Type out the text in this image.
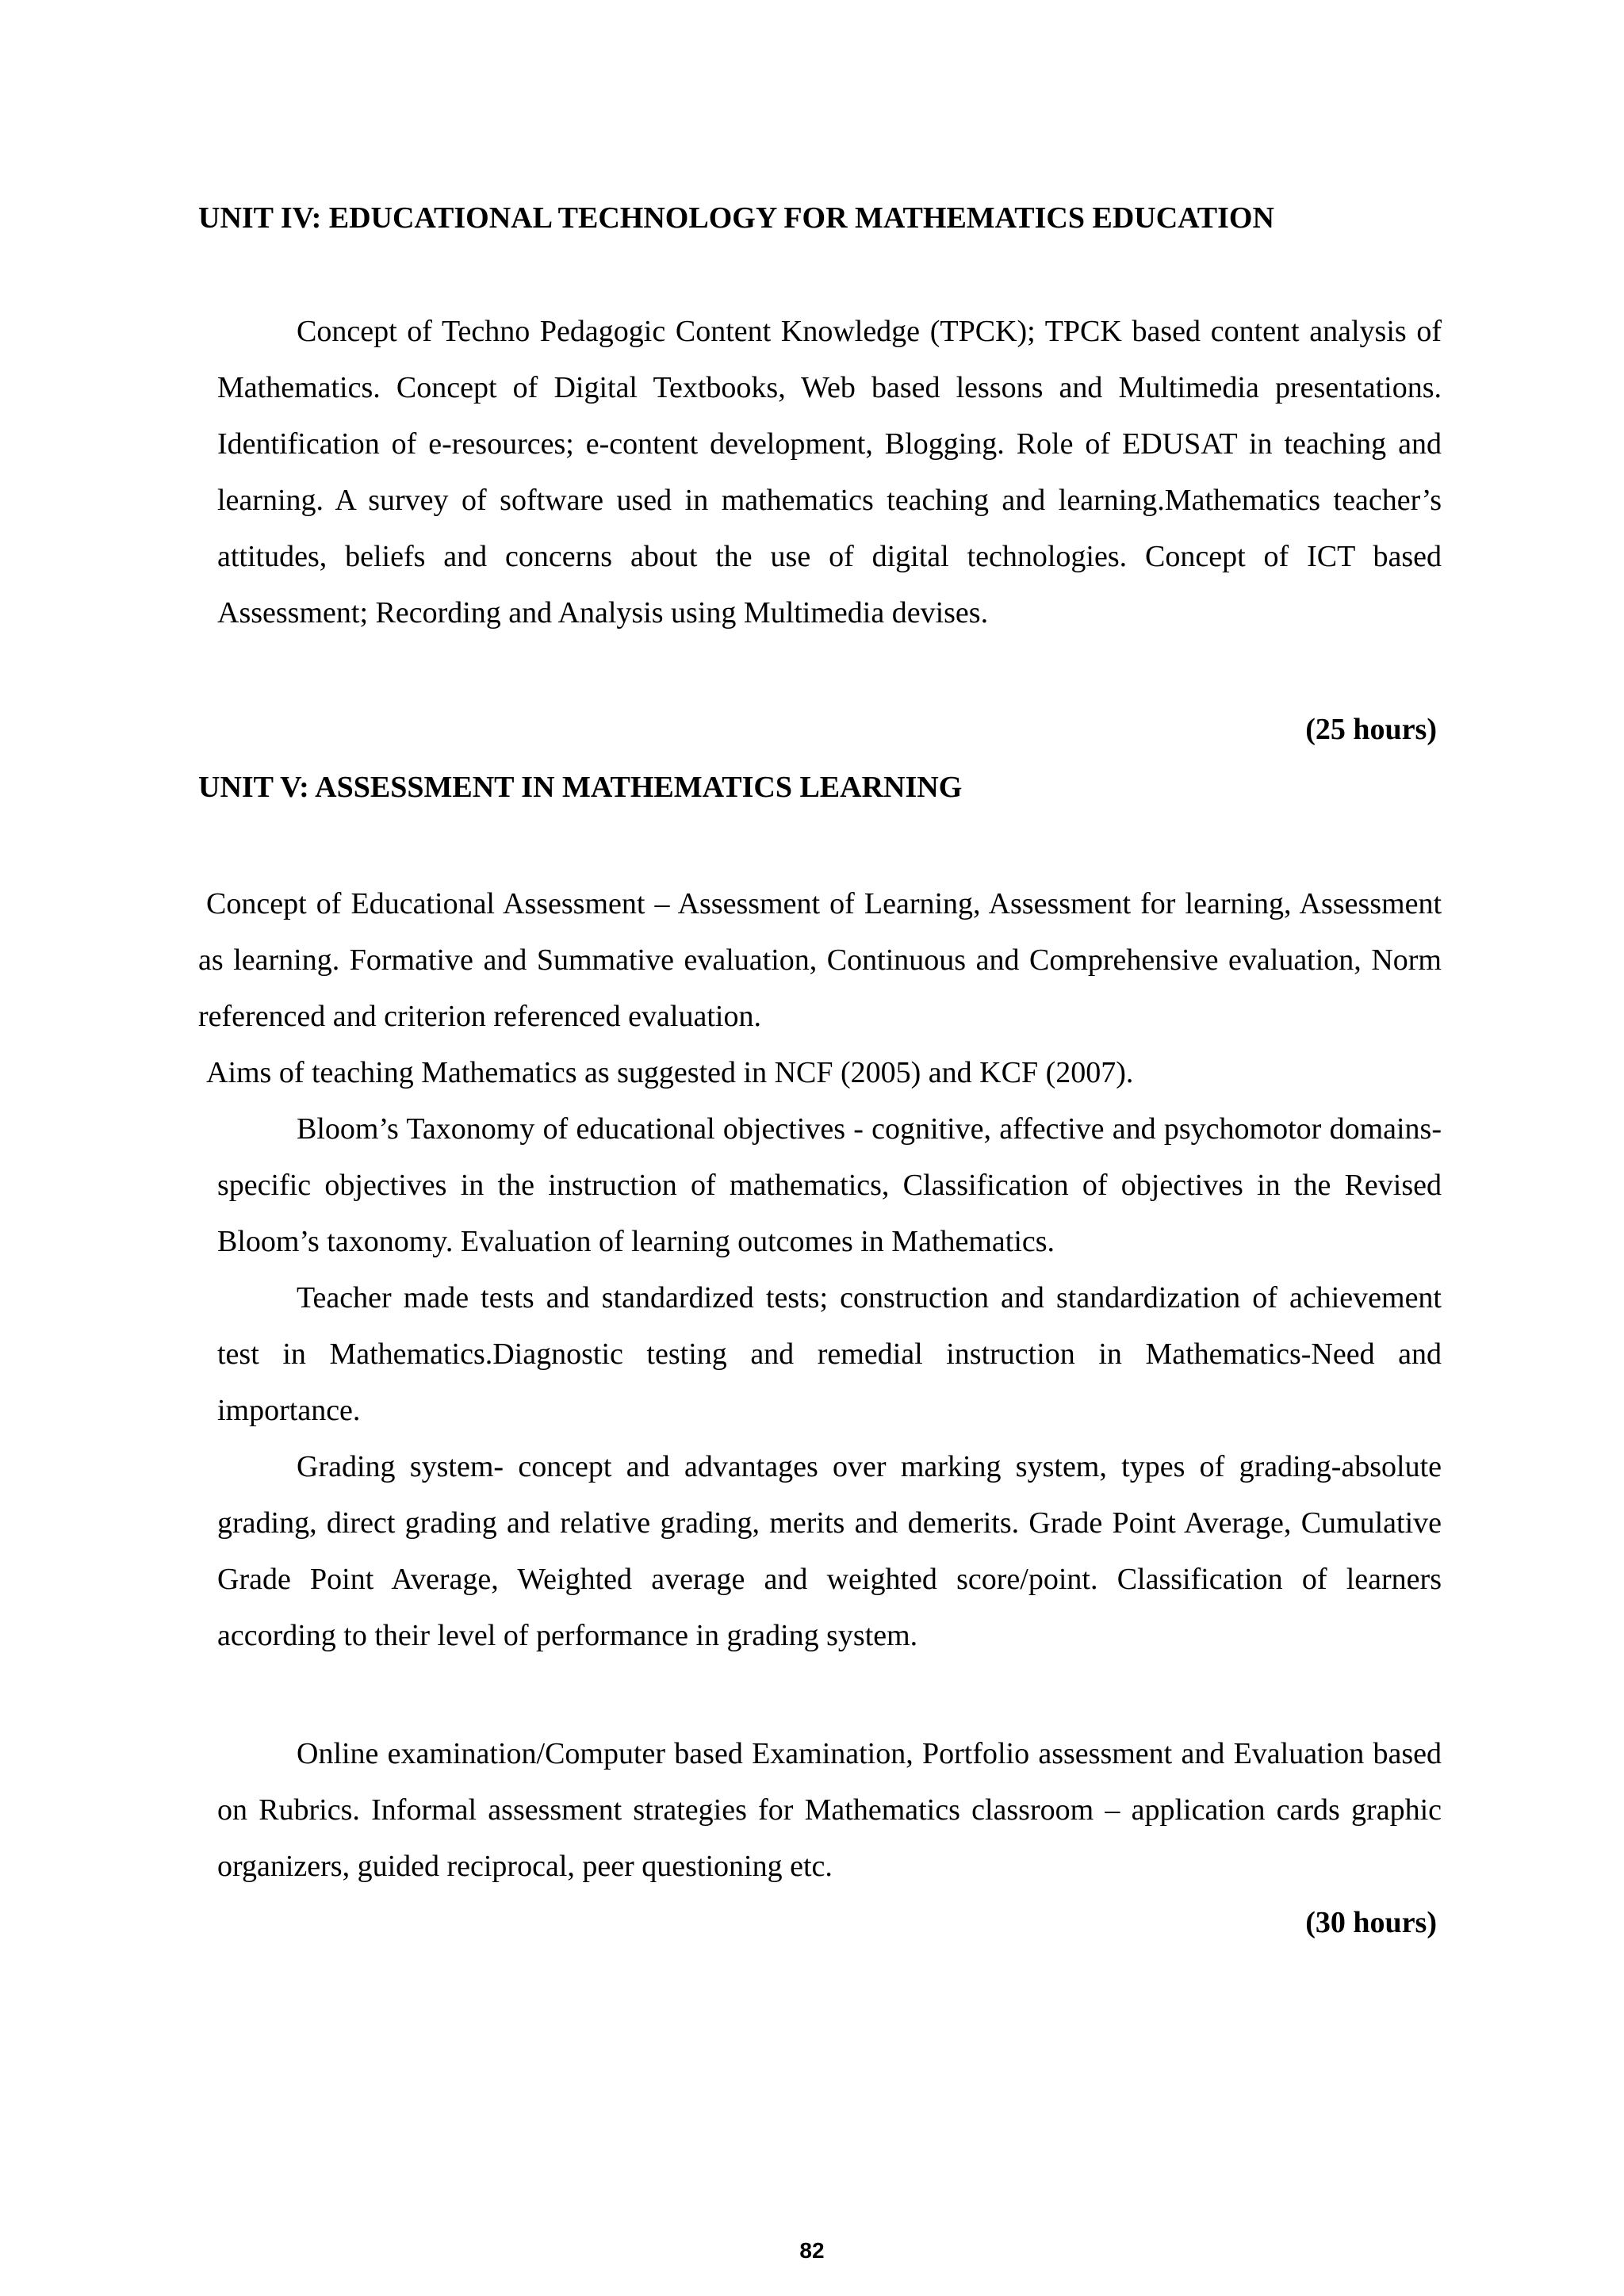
UNIT IV: EDUCATIONAL TECHNOLOGY FOR MATHEMATICS EDUCATION

Concept of Techno Pedagogic Content Knowledge (TPCK); TPCK based content analysis of Mathematics. Concept of Digital Textbooks, Web based lessons and Multimedia presentations. Identification of e-resources; e-content development, Blogging. Role of EDUSAT in teaching and learning. A survey of software used in mathematics teaching and learning.Mathematics teacher’s attitudes, beliefs and concerns about the use of digital technologies. Concept of ICT based Assessment; Recording and Analysis using Multimedia devises.

(25 hours)
UNIT V: ASSESSMENT IN MATHEMATICS LEARNING

Concept of Educational Assessment – Assessment of Learning, Assessment for learning, Assessment as learning. Formative and Summative evaluation, Continuous and Comprehensive evaluation, Norm referenced and criterion referenced evaluation.

Aims of teaching Mathematics as suggested in NCF (2005) and KCF (2007).

Bloom’s Taxonomy of educational objectives - cognitive, affective and psychomotor domains-specific objectives in the instruction of mathematics, Classification of objectives in the Revised Bloom’s taxonomy. Evaluation of learning outcomes in Mathematics.

Teacher made tests and standardized tests; construction and standardization of achievement test in Mathematics.Diagnostic testing and remedial instruction in Mathematics-Need and importance.

Grading system- concept and advantages over marking system, types of grading-absolute grading, direct grading and relative grading, merits and demerits. Grade Point Average, Cumulative Grade Point Average, Weighted average and weighted score/point. Classification of learners according to their level of performance in grading system.

Online examination/Computer based Examination, Portfolio assessment and Evaluation based on Rubrics. Informal assessment strategies for Mathematics classroom – application cards graphic organizers, guided reciprocal, peer questioning etc.

(30 hours)
82
